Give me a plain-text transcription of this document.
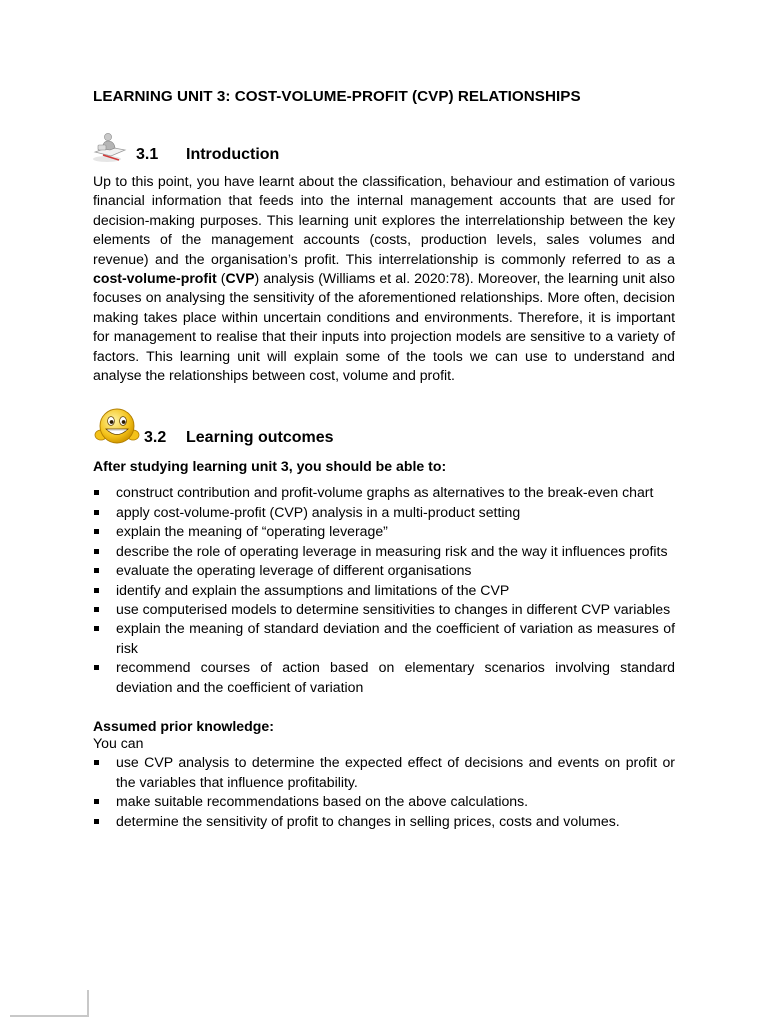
LEARNING UNIT 3: COST-VOLUME-PROFIT (CVP) RELATIONSHIPS
3.1	Introduction

Up to this point, you have learnt about the classification, behaviour and estimation of various financial information that feeds into the internal management accounts that are used for decision-making purposes. This learning unit explores the interrelationship between the key elements of the management accounts (costs, production levels, sales volumes and revenue) and the organisation’s profit. This interrelationship is commonly referred to as a cost-volume-profit (CVP) analysis (Williams et al. 2020:78). Moreover, the learning unit also focuses on analysing the sensitivity of the aforementioned relationships. More often, decision making takes place within uncertain conditions and environments. Therefore, it is important for management to realise that their inputs into projection models are sensitive to a variety of factors. This learning unit will explain some of the tools we can use to understand and analyse the relationships between cost, volume and profit.

3.2	Learning outcomes

After studying learning unit 3, you should be able to:

construct contribution and profit-volume graphs as alternatives to the break-even chart
apply cost-volume-profit (CVP) analysis in a multi-product setting
explain the meaning of “operating leverage”
describe the role of operating leverage in measuring risk and the way it influences profits
evaluate the operating leverage of different organisations
identify and explain the assumptions and limitations of the CVP
use computerised models to determine sensitivities to changes in different CVP variables
explain the meaning of standard deviation and the coefficient of variation as measures of risk
recommend courses of action based on elementary scenarios involving standard deviation and the coefficient of variation

Assumed prior knowledge:

You can

use CVP analysis to determine the expected effect of decisions and events on profit or the variables that influence profitability.
make suitable recommendations based on the above calculations.
determine the sensitivity of profit to changes in selling prices, costs and volumes.
